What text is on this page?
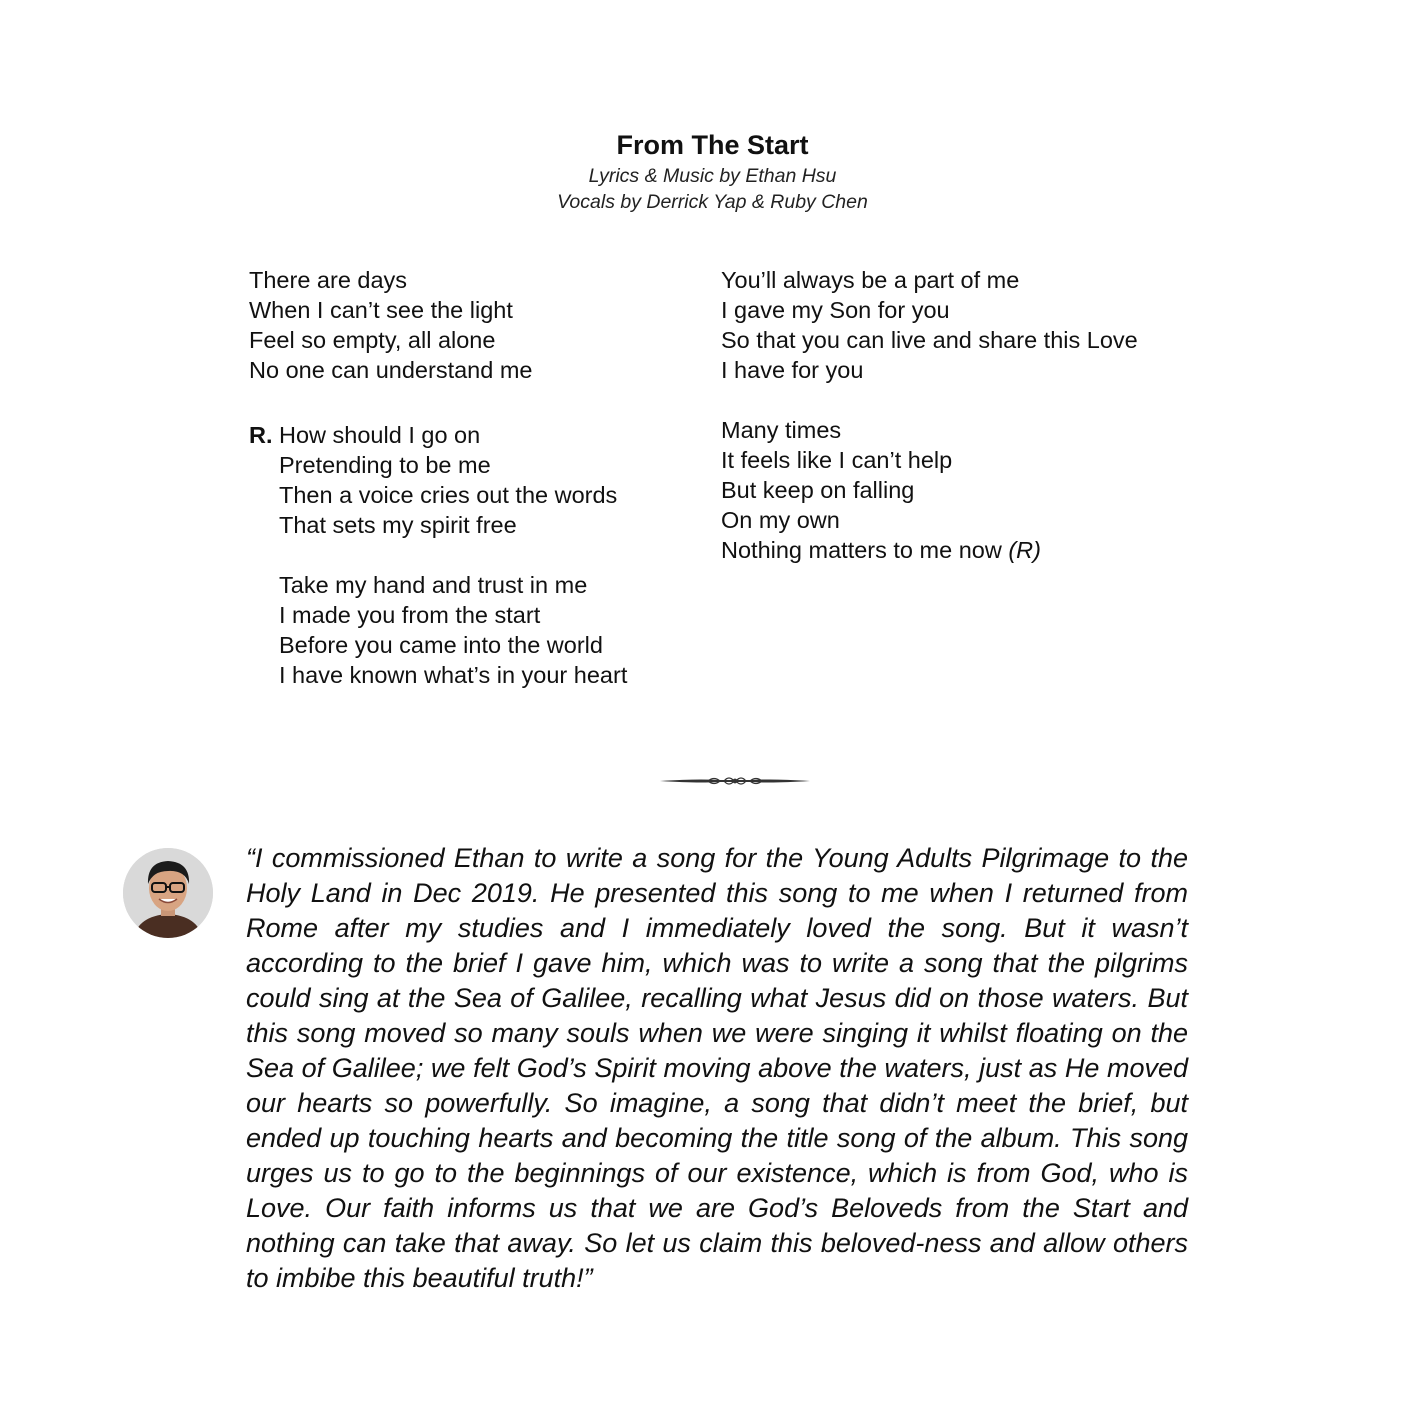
From The Start
Lyrics & Music by Ethan Hsu
Vocals by Derrick Yap & Ruby Chen
There are days
When I can’t see the light
Feel so empty, all alone
No one can understand me
R. How should I go on
Pretending to be me
Then a voice cries out the words
That sets my spirit free
Take my hand and trust in me
I made you from the start
Before you came into the world
I have known what’s in your heart
You’ll always be a part of me
I gave my Son for you
So that you can live and share this Love
I have for you
Many times
It feels like I can’t help
But keep on falling
On my own
Nothing matters to me now (R)
“I commissioned Ethan to write a song for the Young Adults Pilgrimage to the Holy Land in Dec 2019. He presented this song to me when I returned from Rome after my studies and I immediately loved the song. But it wasn’t according to the brief I gave him, which was to write a song that the pilgrims could sing at the Sea of Galilee, recalling what Jesus did on those waters. But this song moved so many souls when we were singing it whilst floating on the Sea of Galilee; we felt God’s Spirit moving above the waters, just as He moved our hearts so powerfully. So imagine, a song that didn’t meet the brief, but ended up touching hearts and becoming the title song of the album. This song urges us to go to the beginnings of our existence, which is from God, who is Love. Our faith informs us that we are God’s Beloveds from the Start and nothing can take that away. So let us claim this beloved-ness and allow others to imbibe this beautiful truth!”
